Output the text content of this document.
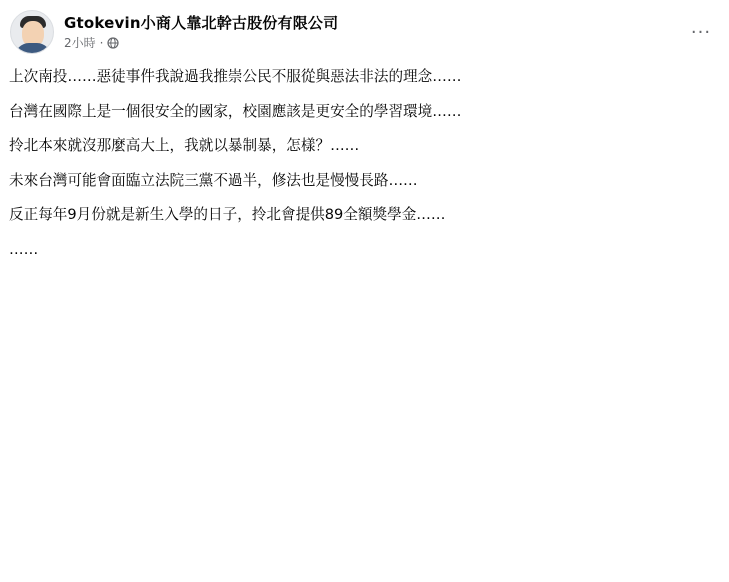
Gtokevin小商人靠北幹古股份有限公司
2小時 ·
···

上次南投……惡徒事件我說過我推崇公民不服從與惡法非法的理念……

台灣在國際上是一個很安全的國家，校園應該是更安全的學習環境……

拎北本來就沒那麼高大上，我就以暴制暴，怎樣？……

未來台灣可能會面臨立法院三黨不過半，修法也是慢慢長路……

反正每年9月份就是新生入學的日子，拎北會提供89全額獎學金……

……
